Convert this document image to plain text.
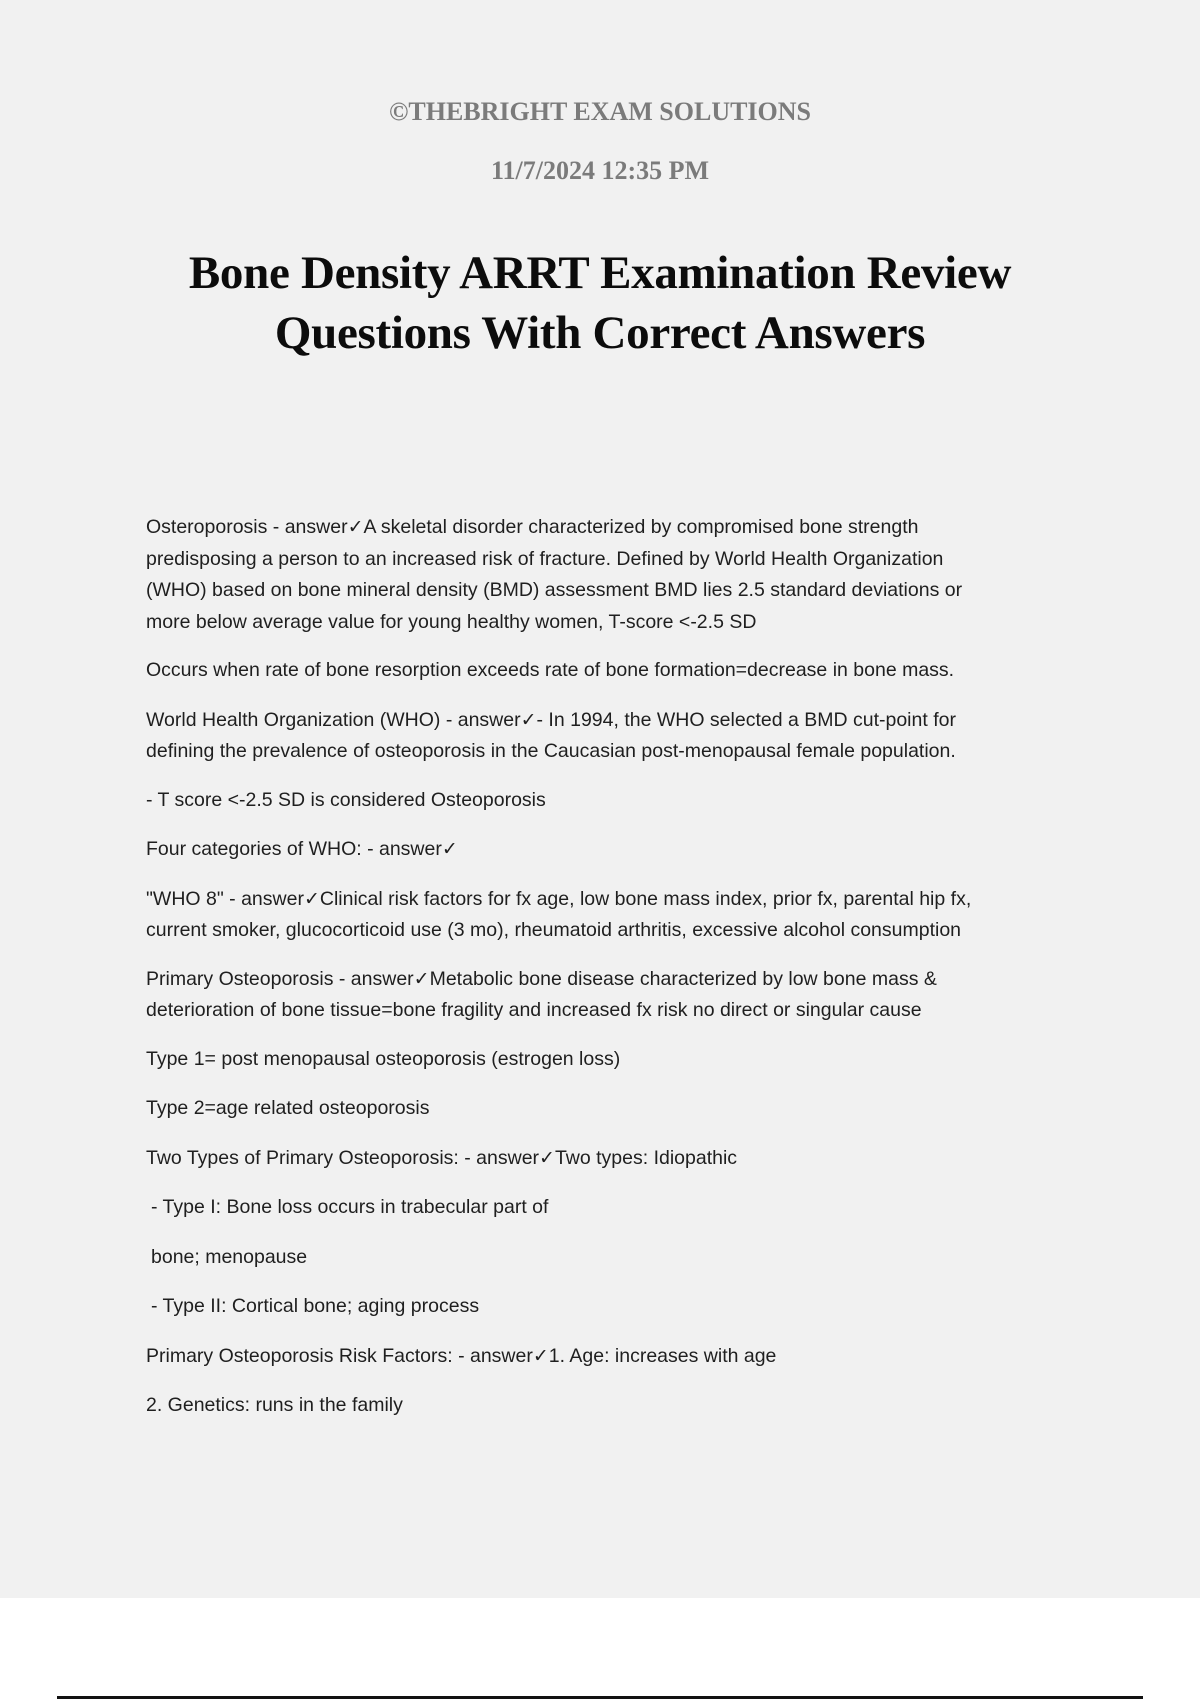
©THEBRIGHT EXAM SOLUTIONS
11/7/2024 12:35 PM
Bone Density ARRT Examination Review
Questions With Correct Answers

Osteroporosis - answer✓A skeletal disorder characterized by compromised bone strength
predisposing a person to an increased risk of fracture. Defined by World Health Organization
(WHO) based on bone mineral density (BMD) assessment BMD lies 2.5 standard deviations or
more below average value for young healthy women, T-score <-2.5 SD

Occurs when rate of bone resorption exceeds rate of bone formation=decrease in bone mass.

World Health Organization (WHO) - answer✓- In 1994, the WHO selected a BMD cut-point for
defining the prevalence of osteoporosis in the Caucasian post-menopausal female population.

- T score <-2.5 SD is considered Osteoporosis

Four categories of WHO: - answer✓

"WHO 8" - answer✓Clinical risk factors for fx age, low bone mass index, prior fx, parental hip fx,
current smoker, glucocorticoid use (3 mo), rheumatoid arthritis, excessive alcohol consumption

Primary Osteoporosis - answer✓Metabolic bone disease characterized by low bone mass &
deterioration of bone tissue=bone fragility and increased fx risk no direct or singular cause

Type 1= post menopausal osteoporosis (estrogen loss)

Type 2=age related osteoporosis

Two Types of Primary Osteoporosis: - answer✓Two types: Idiopathic

- Type I: Bone loss occurs in trabecular part of

bone; menopause

- Type II: Cortical bone; aging process

Primary Osteoporosis Risk Factors: - answer✓1. Age: increases with age

2. Genetics: runs in the family
